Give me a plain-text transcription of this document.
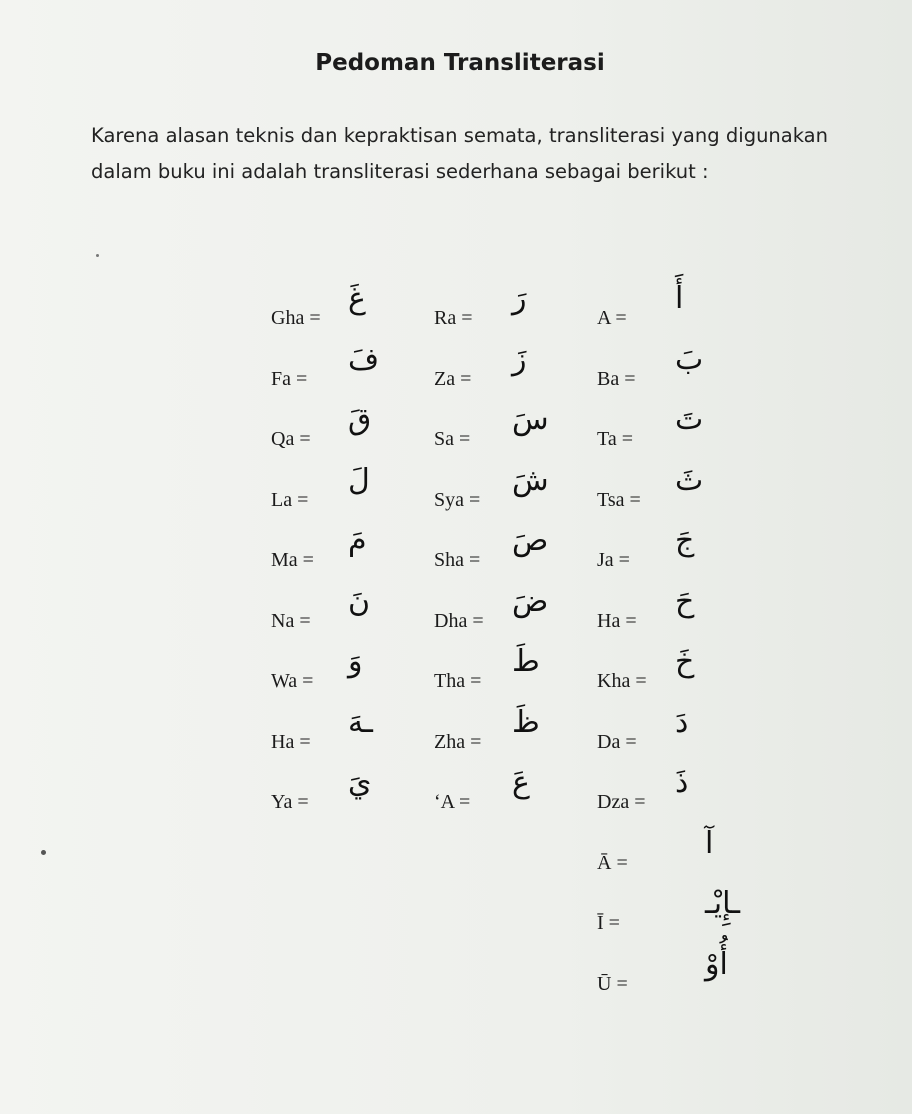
Pedoman Transliterasi
Karena alasan teknis dan kepraktisan semata, transliterasi yang digunakan dalam buku ini adalah transliterasi sederhana sebagai berikut :
Gha =
غَ
Fa =
فَ
Qa =
قَ
La =
لَ
Ma =
مَ
Na =
نَ
Wa =
وَ
Ha =
ـهَ
Ya =
يَ
Ra =
رَ
Za =
زَ
Sa =
سَ
Sya =
شَ
Sha =
صَ
Dha =
ضَ
Tha =
طَ
Zha =
ظَ
‘A =
عَ
A =
أَ
Ba =
بَ
Ta =
تَ
Tsa =
ثَ
Ja =
جَ
Ha =
حَ
Kha =
خَ
Da =
دَ
Dza =
ذَ
Ā =
آ
Ī =
ـإِيْـ
Ū =
أُوْ
